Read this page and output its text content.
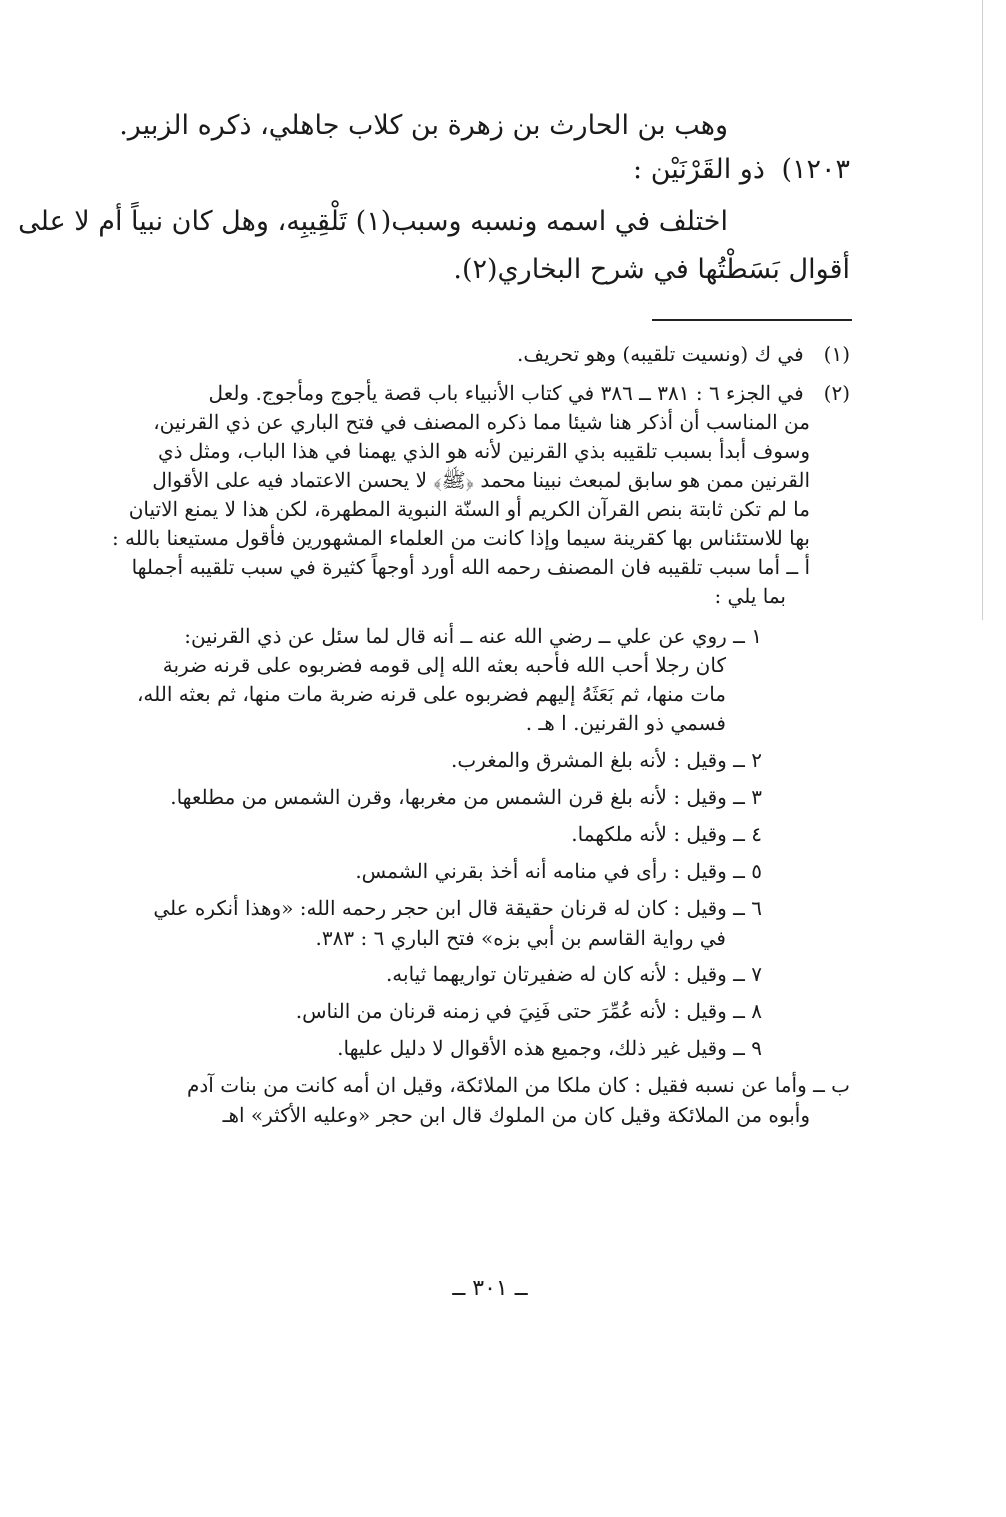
وهب بن الحارث بن زهرة بن كلاب جاهلي، ذكره الزبير.
١٢٠٣) ذو القَرْنَيْن :
اختلف في اسمه ونسبه وسبب(١) تَلْقِيبِه، وهل كان نبياً أم لا على
أقوال بَسَطْتُها في شرح البخاري(٢).
(١) في ك (ونسيت تلقيبه) وهو تحريف.
(٢) في الجزء ٦ : ٣٨١ ــ ٣٨٦ في كتاب الأنبياء باب قصة يأجوج ومأجوج. ولعل
من المناسب أن أذكر هنا شيئا مما ذكره المصنف في فتح الباري عن ذي القرنين،
وسوف أبدأ بسبب تلقيبه بذي القرنين لأنه هو الذي يهمنا في هذا الباب، ومثل ذي
القرنين ممن هو سابق لمبعث نبينا محمد ﴿ﷺ﴾ لا يحسن الاعتماد فيه على الأقوال
ما لم تكن ثابتة بنص القرآن الكريم أو السنّة النبوية المطهرة، لكن هذا لا يمنع الاتيان
بها للاستئناس بها كقرينة سيما وإذا كانت من العلماء المشهورين فأقول مستيعنا بالله :
أ ــ أما سبب تلقيبه فان المصنف رحمه الله أورد أوجهاً كثيرة في سبب تلقيبه أجملها
بما يلي :
١ ــ روي عن علي ــ رضي الله عنه ــ أنه قال لما سئل عن ذي القرنين:
كان رجلا أحب الله فأحبه بعثه الله إلى قومه فضربوه على قرنه ضربة
مات منها، ثم بَعَثَهُ إليهم فضربوه على قرنه ضربة مات منها، ثم بعثه الله،
فسمي ذو القرنين. ا هـ .
٢ ــ وقيل : لأنه بلغ المشرق والمغرب.
٣ ــ وقيل : لأنه بلغ قرن الشمس من مغربها، وقرن الشمس من مطلعها.
٤ ــ وقيل : لأنه ملكهما.
٥ ــ وقيل : رأى في منامه أنه أخذ بقرني الشمس.
٦ ــ وقيل : كان له قرنان حقيقة قال ابن حجر رحمه الله: «وهذا أنكره علي
في رواية القاسم بن أبي بزه» فتح الباري ٦ : ٣٨٣.
٧ ــ وقيل : لأنه كان له ضفيرتان تواريهما ثيابه.
٨ ــ وقيل : لأنه عُمِّرَ حتى فَنِيَ في زمنه قرنان من الناس.
٩ ــ وقيل غير ذلك، وجميع هذه الأقوال لا دليل عليها.
ب ــ وأما عن نسبه فقيل : كان ملكا من الملائكة، وقيل ان أمه كانت من بنات آدم
وأبوه من الملائكة وقيل كان من الملوك قال ابن حجر «وعليه الأكثر» اهـ
ــ ٣٠١ ــ
